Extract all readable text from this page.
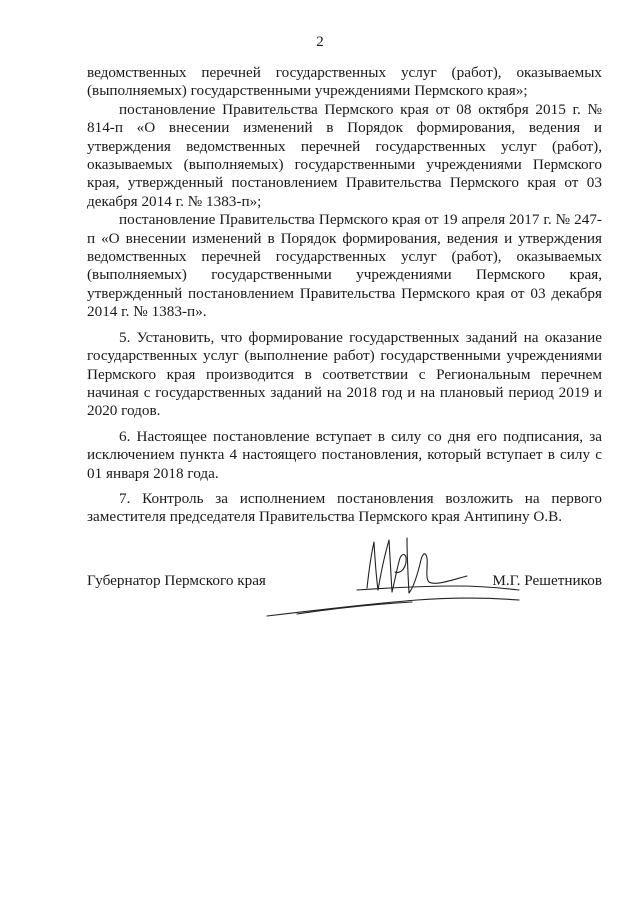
2

ведомственных перечней государственных услуг (работ), оказываемых (выполняемых) государственными учреждениями Пермского края»;

постановление Правительства Пермского края от 08 октября 2015 г. № 814-п «О внесении изменений в Порядок формирования, ведения и утверждения ведомственных перечней государственных услуг (работ), оказываемых (выполняемых) государственными учреждениями Пермского края, утвержденный постановлением Правительства Пермского края от 03 декабря 2014 г. № 1383-п»;

постановление Правительства Пермского края от 19 апреля 2017 г. № 247-п «О внесении изменений в Порядок формирования, ведения и утверждения ведомственных перечней государственных услуг (работ), оказываемых (выполняемых) государственными учреждениями Пермского края, утвержденный постановлением Правительства Пермского края от 03 декабря 2014 г. № 1383-п».

5. Установить, что формирование государственных заданий на оказание государственных услуг (выполнение работ) государственными учреждениями Пермского края производится в соответствии с Региональным перечнем начиная с государственных заданий на 2018 год и на плановый период 2019 и 2020 годов.

6. Настоящее постановление вступает в силу со дня его подписания, за исключением пункта 4 настоящего постановления, который вступает в силу с 01 января 2018 года.

7. Контроль за исполнением постановления возложить на первого заместителя председателя Правительства Пермского края Антипину О.В.

Губернатор Пермского края	М.Г. Решетников
